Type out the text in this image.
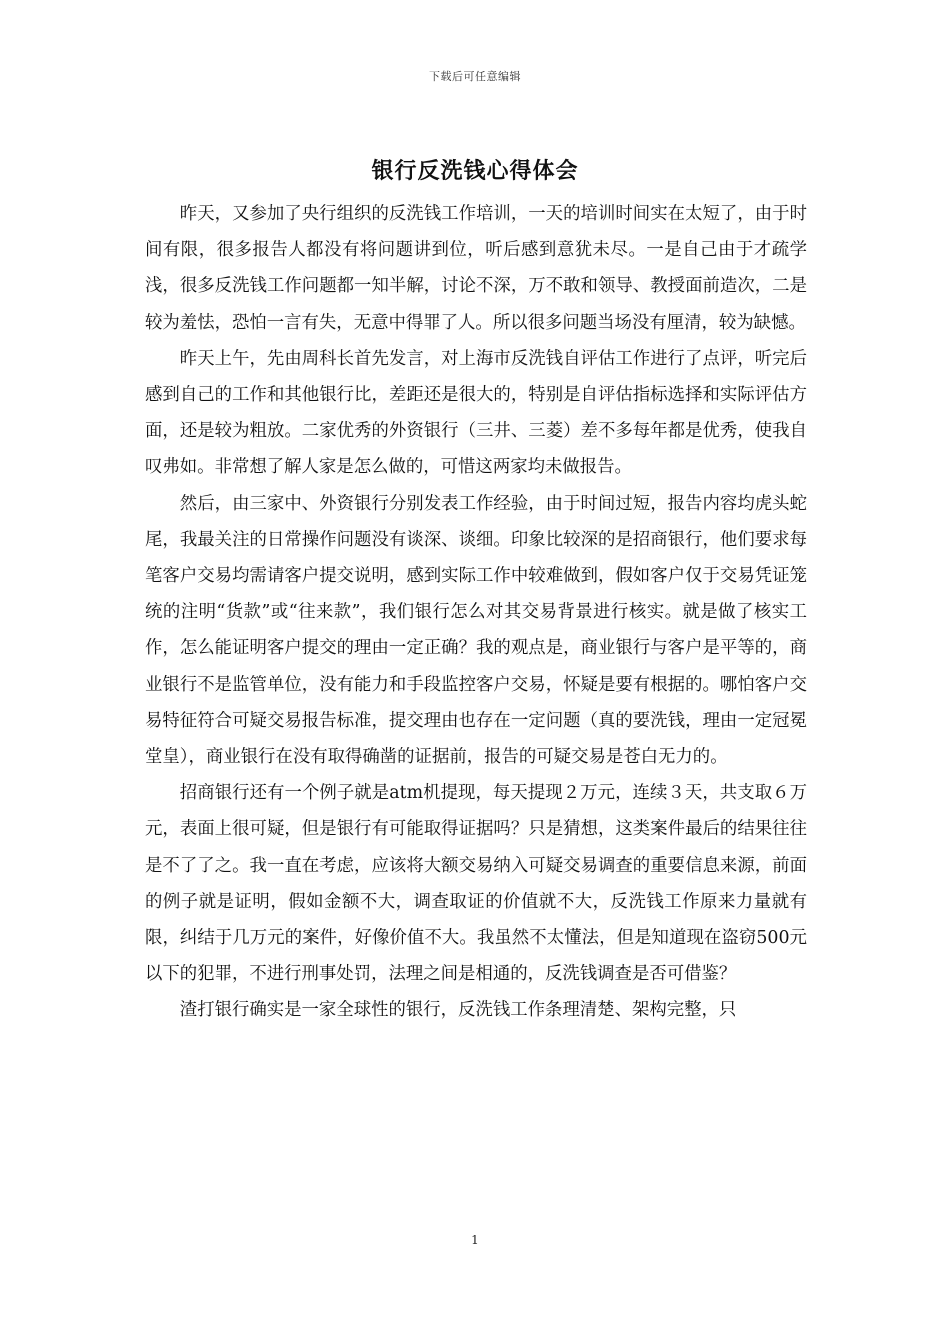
下载后可任意编辑
银行反洗钱心得体会

昨天，又参加了央行组织的反洗钱工作培训，一天的培训时间实在太短了，由于时间有限，很多报告人都没有将问题讲到位，听后感到意犹未尽。一是自己由于才疏学浅，很多反洗钱工作问题都一知半解，讨论不深，万不敢和领导、教授面前造次，二是较为羞怯，恐怕一言有失，无意中得罪了人。所以很多问题当场没有厘清，较为缺憾。

昨天上午，先由周科长首先发言，对上海市反洗钱自评估工作进行了点评，听完后感到自己的工作和其他银行比，差距还是很大的，特别是自评估指标选择和实际评估方面，还是较为粗放。二家优秀的外资银行（三井、三菱）差不多每年都是优秀，使我自叹弗如。非常想了解人家是怎么做的，可惜这两家均未做报告。

然后，由三家中、外资银行分别发表工作经验，由于时间过短，报告内容均虎头蛇尾，我最关注的日常操作问题没有谈深、谈细。印象比较深的是招商银行，他们要求每笔客户交易均需请客户提交说明，感到实际工作中较难做到，假如客户仅于交易凭证笼统的注明“货款”或“往来款”，我们银行怎么对其交易背景进行核实。就是做了核实工作，怎么能证明客户提交的理由一定正确？我的观点是，商业银行与客户是平等的，商业银行不是监管单位，没有能力和手段监控客户交易，怀疑是要有根据的。哪怕客户交易特征符合可疑交易报告标准，提交理由也存在一定问题（真的要洗钱，理由一定冠冕堂皇），商业银行在没有取得确凿的证据前，报告的可疑交易是苍白无力的。

招商银行还有一个例子就是atm机提现，每天提现２万元，连续３天，共支取６万元，表面上很可疑，但是银行有可能取得证据吗？只是猜想，这类案件最后的结果往往是不了了之。我一直在考虑，应该将大额交易纳入可疑交易调查的重要信息来源，前面的例子就是证明，假如金额不大，调查取证的价值就不大，反洗钱工作原来力量就有限，纠结于几万元的案件，好像价值不大。我虽然不太懂法，但是知道现在盗窃500元以下的犯罪，不进行刑事处罚，法理之间是相通的，反洗钱调查是否可借鉴？

渣打银行确实是一家全球性的银行，反洗钱工作条理清楚、架构完整，只

1
